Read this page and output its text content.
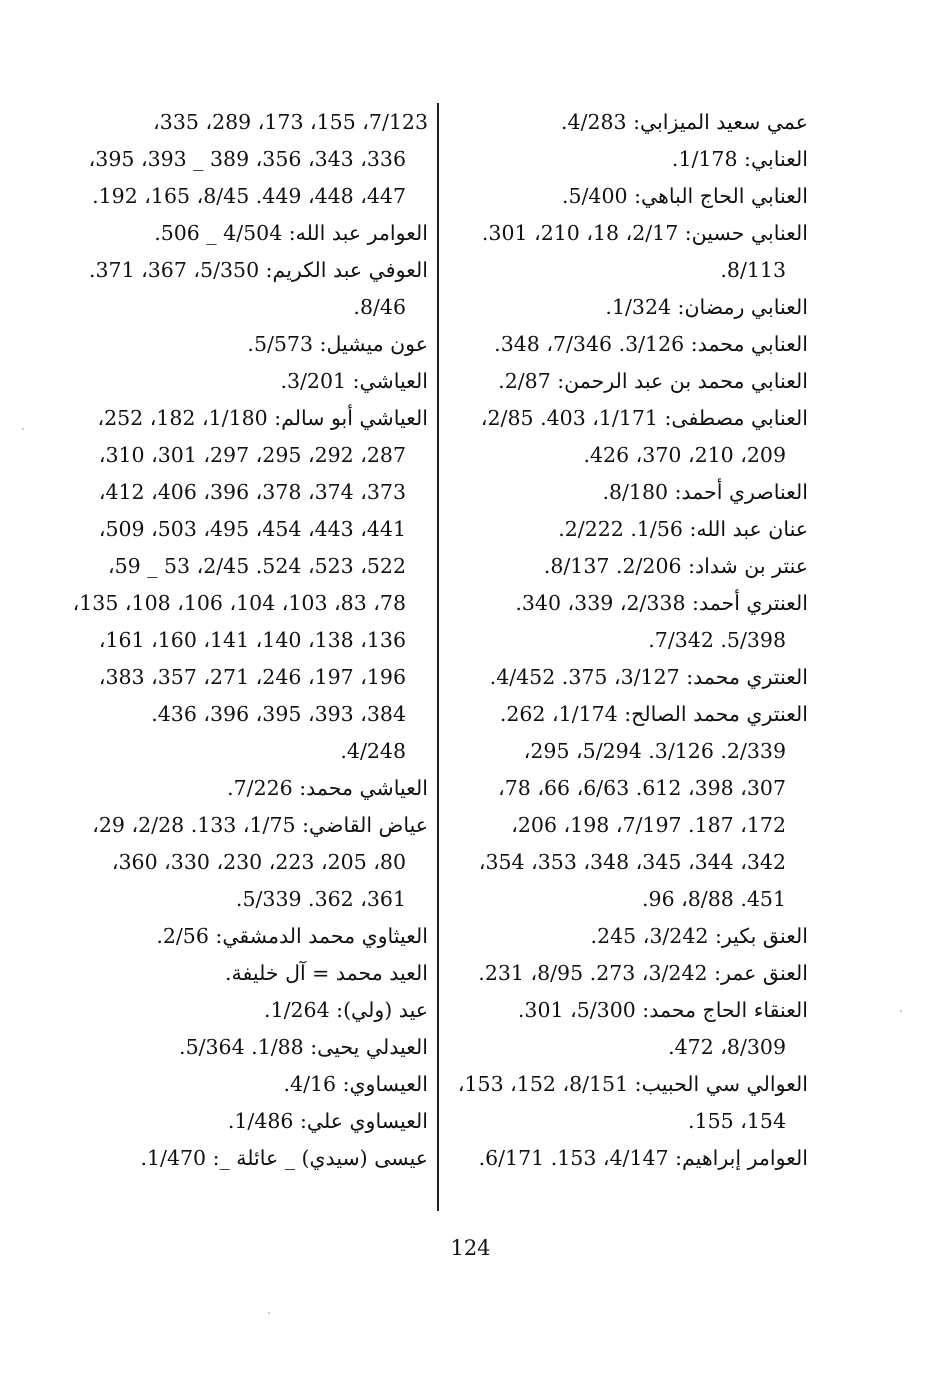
عمي سعيد الميزابي: 4/283.
العنابي: 1/178.
العنابي الحاج الباهي: 5/400.
العنابي حسين: 2/17، 18، 210، 301.
8/113.
العنابي رمضان: 1/324.
العنابي محمد: 3/126. 7/346، 348.
العنابي محمد بن عبد الرحمن: 2/87.
العنابي مصطفى: 1/171، 403. 2/85،
209، 210، 370، 426.
العناصري أحمد: 8/180.
عنان عبد الله: 1/56. 2/222.
عنتر بن شداد: 2/206. 8/137.
العنتري أحمد: 2/338، 339، 340.
5/398. 7/342.
العنتري محمد: 3/127، 375. 4/452.
العنتري محمد الصالح: 1/174، 262.
2/339. 3/126. 5/294، 295،
307، 398، 612. 6/63، 66، 78،
172، 187. 7/197، 198، 206،
342، 344، 345، 348، 353، 354،
451. 8/88، 96.
العنق بكير: 3/242، 245.
العنق عمر: 3/242، 273. 8/95، 231.
العنقاء الحاج محمد: 5/300، 301.
8/309، 472.
العوالي سي الحبيب: 8/151، 152، 153،
154، 155.
العوامر إبراهيم: 4/147، 153. 6/171.
7/123، 155، 173، 289، 335،
336، 343، 356، 389 _ 393، 395،
447، 448، 449. 8/45، 165، 192.
العوامر عبد الله: 4/504 _ 506.
العوفي عبد الكريم: 5/350، 367، 371.
8/46.
عون ميشيل: 5/573.
العياشي: 3/201.
العياشي أبو سالم: 1/180، 182، 252،
287، 292، 295، 297، 301، 310،
373، 374، 378، 396، 406، 412،
441، 443، 454، 495، 503، 509،
522، 523، 524. 2/45، 53 _ 59،
78، 83، 103، 104، 106، 108، 135،
136، 138، 140، 141، 160، 161،
196، 197، 246، 271، 357، 383،
384، 393، 395، 396، 436.
4/248.
العياشي محمد: 7/226.
عياض القاضي: 1/75، 133. 2/28، 29،
80، 205، 223، 230، 330، 360،
361، 362. 5/339.
العيثاوي محمد الدمشقي: 2/56.
العيد محمد = آل خليفة.
عيد (ولي): 1/264.
العيدلي يحيى: 1/88. 5/364.
العيساوي: 4/16.
العيساوي علي: 1/486.
عيسى (سيدي) _ عائلة _: 1/470.
124
